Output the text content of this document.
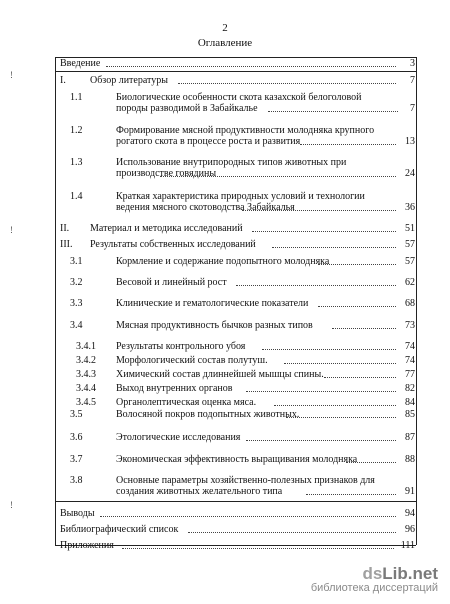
2
Оглавление
!
!
!
Введение	3
I. Обзор литературы	7
1.1	Биологические особенности скота казахской белоголовой породы разводимой в Забайкалье	7
1.2	Формирование мясной продуктивности молодняка крупного рогатого скота в процессе роста и развития	13
1.3	Использование внутрипородных типов животных при производстве говядины	24
1.4	Краткая характеристика природных условий и технологии ведения мясного скотоводства Забайкалья	36
II. Материал и методика исследований	51
III. Результаты собственных исследований	57
3.1	Кормление и содержание подопытного молодняка	57
3.2	Весовой и линейный рост	62
3.3	Клинические и гематологические показатели	68
3.4	Мясная продуктивность бычков разных типов	73
3.4.1 Результаты контрольного убоя	74
3.4.2 Морфологический состав полутуш.	74
3.4.3 Химический состав длиннейшей мышцы спины.	77
3.4.4 Выход внутренних органов	82
3.4.5 Органолептическая оценка мяса.	84
3.5	Волосяной покров подопытных животных.	85
3.6	Этологические исследования	87
3.7	Экономическая эффективность выращивания молодняка	88
3.8	Основные параметры хозяйственно-полезных признаков для создания животных желательного типа	91
Выводы	94
Библиографический список	96
Приложения	111
dsLib.net
библиотека диссертаций
